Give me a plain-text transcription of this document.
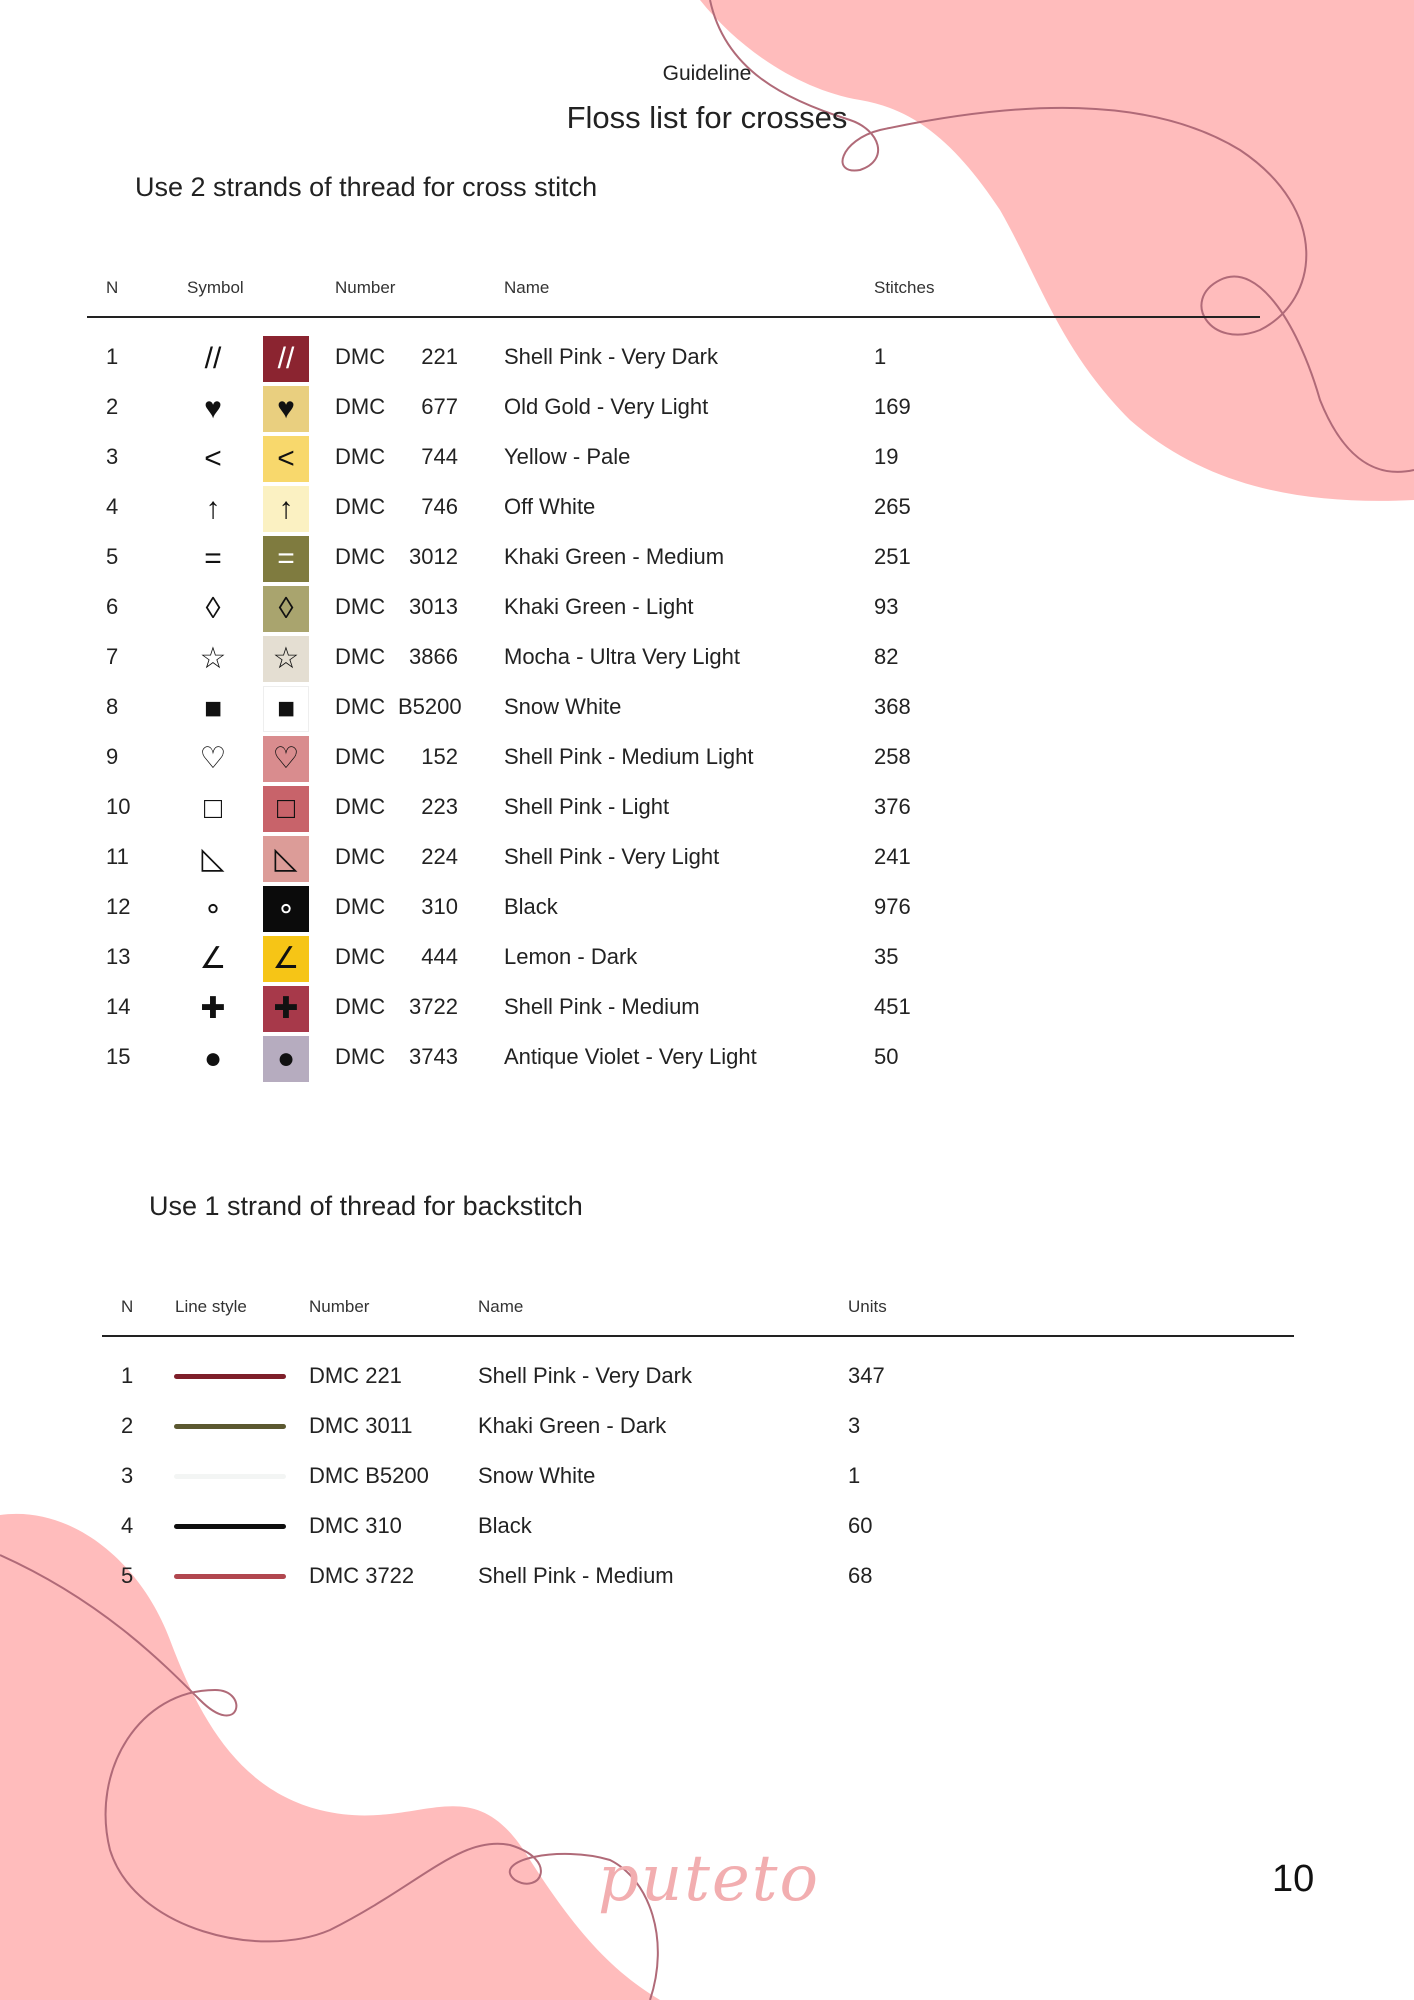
Guideline
Floss list for crosses
Use 2 strands of thread for cross stitch
N	Symbol	Number	Name	Stitches
1	//	//	DMC	221 Shell Pink - Very Dark	1
2	♥	♥	DMC	677 Old Gold - Very Light	169
3	<	<	DMC	744 Yellow - Pale	19
4	↑	↑	DMC	746 Off White	265
5	=	=	DMC	3012 Khaki Green - Medium	251
6	◊	◊	DMC	3013 Khaki Green - Light	93
7	☆	☆	DMC	3866 Mocha - Ultra Very Light	82
8	■	■	DMC B5200 Snow White	368
9	♡	♡	DMC	152 Shell Pink - Medium Light	258
10 □	□	DMC	223 Shell Pink - Light	376
11 ◺	◺	DMC	224 Shell Pink - Very Light	241
12 ∘	∘	DMC	310 Black	976
13 ∠	∠	DMC	444 Lemon - Dark	35
14 ✚	✚	DMC	3722 Shell Pink - Medium	451
15 ●	●	DMC	3743 Antique Violet - Very Light	50
Use 1 strand of thread for backstitch
N Line style	Number	Name	Units
1	DMC 221	Shell Pink - Very Dark	347
2	DMC 3011	Khaki Green - Dark	3
3	DMC B5200 Snow White	1
4	DMC 310	Black	60
5	DMC 3722	Shell Pink - Medium	68
puteto	10
